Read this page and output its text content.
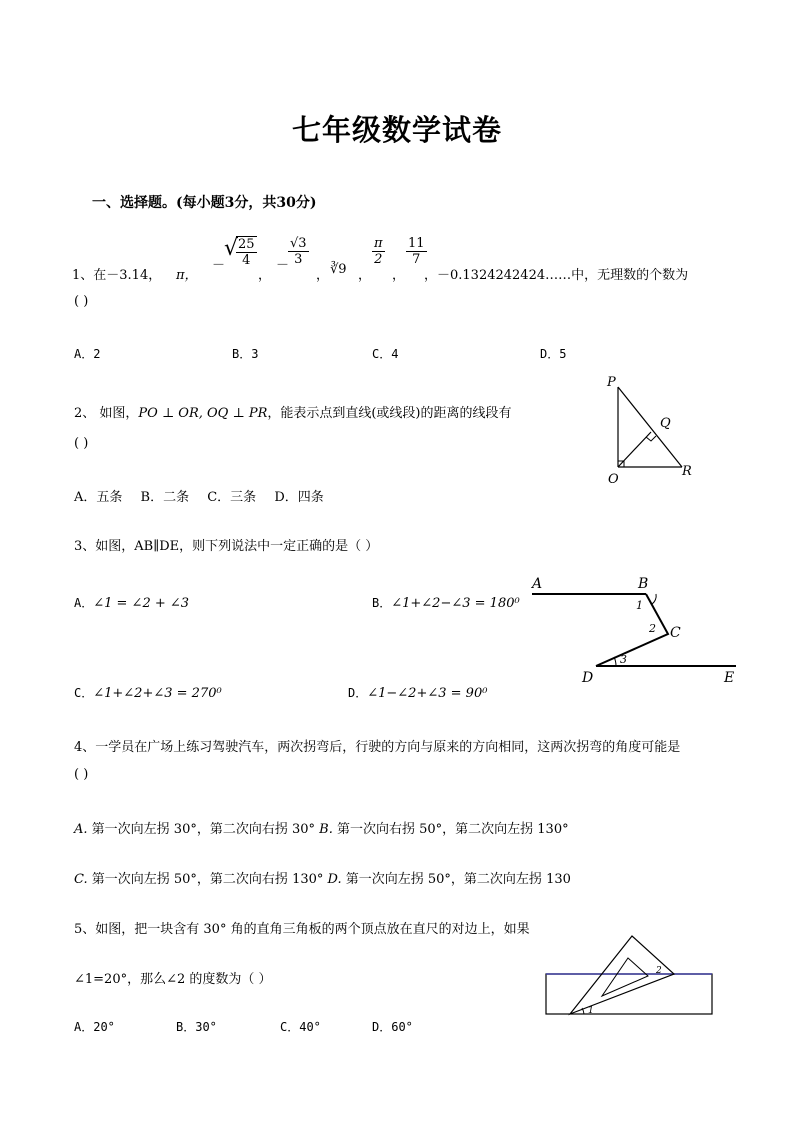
七年级数学试卷
一、选择题。(每小题3分，共30分)
1、在－3.14， π，
－
√
$\frac{25}{4}$
，
－
$\frac{√3}{3}$
， ∛9 ，
$\frac{\pi}{2}$
，
$\frac{11}{7}$
，－0.1324242424……中，无理数的个数为
( )
A．2	B．3	C．4	D．5
2、 如图，PO ⊥ OR, OQ ⊥ PR，能表示点到直线(或线段)的距离的线段有
( )
P
Q
O
R
A．五条 B．二条 C．三条 D．四条
3、如图，AB∥DE，则下列说法中一定正确的是（ ）
A．∠1 = ∠2 + ∠3	B．∠1+∠2−∠3 = 180⁰
C．∠1+∠2+∠3 = 270⁰	D．∠1−∠2+∠3 = 90⁰
A	B
C
D	E
1
2
3
4、一学员在广场上练习驾驶汽车，两次拐弯后，行驶的方向与原来的方向相同，这两次拐弯的角度可能是
( )
A. 第一次向左拐 30°，第二次向右拐 30° B. 第一次向右拐 50°，第二次向左拐 130°
C. 第一次向左拐 50°，第二次向右拐 130° D. 第一次向左拐 50°，第二次向左拐 130
5、如图，把一块含有 30° 角的直角三角板的两个顶点放在直尺的对边上，如果
∠1=20°，那么∠2 的度数为（ ）
1
2
A．20°	B．30°	C．40°	D．60°
